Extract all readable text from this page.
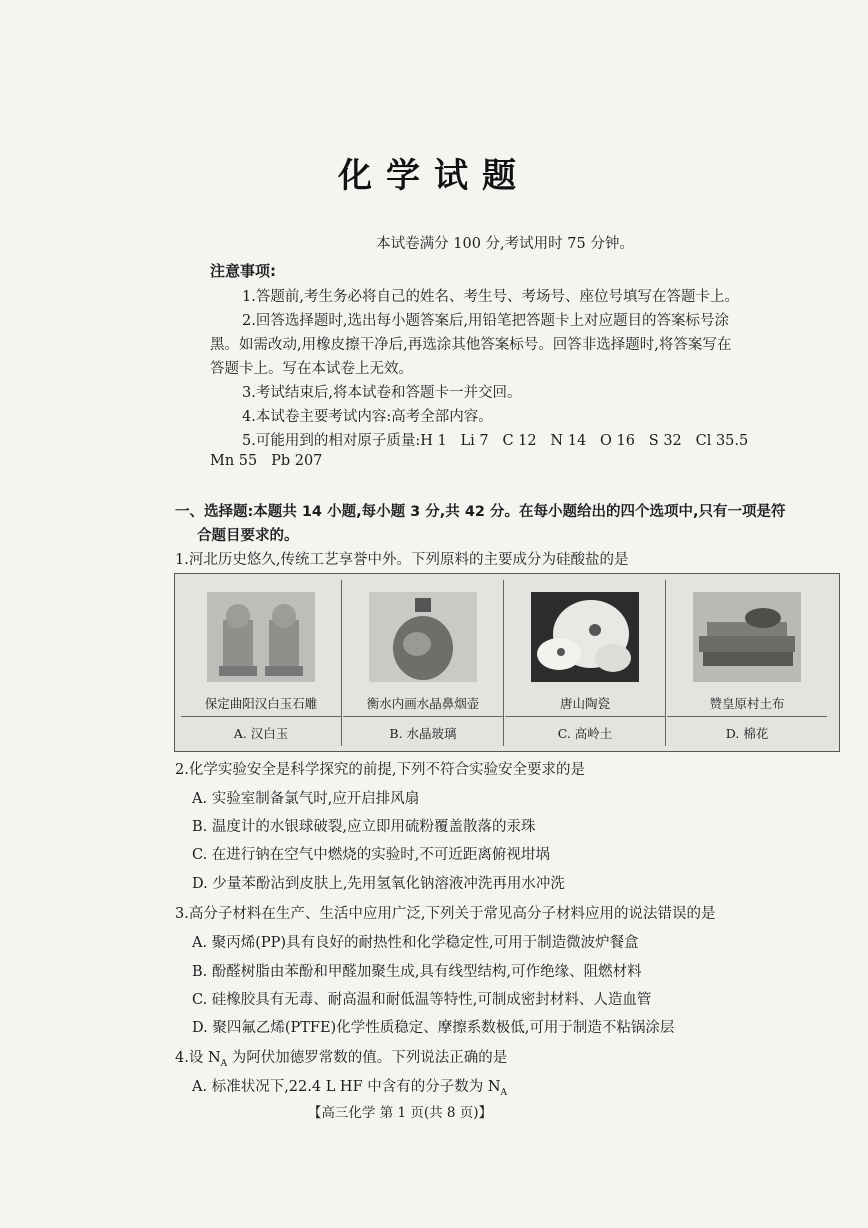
化学试题
本试卷满分 100 分,考试用时 75 分钟。
注意事项:
1.答题前,考生务必将自己的姓名、考生号、考场号、座位号填写在答题卡上。
2.回答选择题时,选出每小题答案后,用铅笔把答题卡上对应题目的答案标号涂
黑。如需改动,用橡皮擦干净后,再选涂其他答案标号。回答非选择题时,将答案写在
答题卡上。写在本试卷上无效。
3.考试结束后,将本试卷和答题卡一并交回。
4.本试卷主要考试内容:高考全部内容。
5.可能用到的相对原子质量:H 1   Li 7   C 12   N 14   O 16   S 32   Cl 35.5
Mn 55   Pb 207
一、选择题:本题共 14 小题,每小题 3 分,共 42 分。在每小题给出的四个选项中,只有一项是符
合题目要求的。
1.河北历史悠久,传统工艺享誉中外。下列原料的主要成分为硅酸盐的是
保定曲阳汉白玉石雕
A. 汉白玉
衡水内画水晶鼻烟壶
B. 水晶玻璃
唐山陶瓷
C. 高岭土
赞皇原村土布
D. 棉花
2.化学实验安全是科学探究的前提,下列不符合实验安全要求的是
A. 实验室制备氯气时,应开启排风扇
B. 温度计的水银球破裂,应立即用硫粉覆盖散落的汞珠
C. 在进行钠在空气中燃烧的实验时,不可近距离俯视坩埚
D. 少量苯酚沾到皮肤上,先用氢氧化钠溶液冲洗再用水冲洗
3.高分子材料在生产、生活中应用广泛,下列关于常见高分子材料应用的说法错误的是
A. 聚丙烯(PP)具有良好的耐热性和化学稳定性,可用于制造微波炉餐盒
B. 酚醛树脂由苯酚和甲醛加聚生成,具有线型结构,可作绝缘、阻燃材料
C. 硅橡胶具有无毒、耐高温和耐低温等特性,可制成密封材料、人造血管
D. 聚四氟乙烯(PTFE)化学性质稳定、摩擦系数极低,可用于制造不粘锅涂层
4.设 $N_A$ 为阿伏加德罗常数的值。下列说法正确的是
A. 标准状况下,22.4 L HF 中含有的分子数为 $N_A$
【高三化学 第 1 页(共 8 页)】
